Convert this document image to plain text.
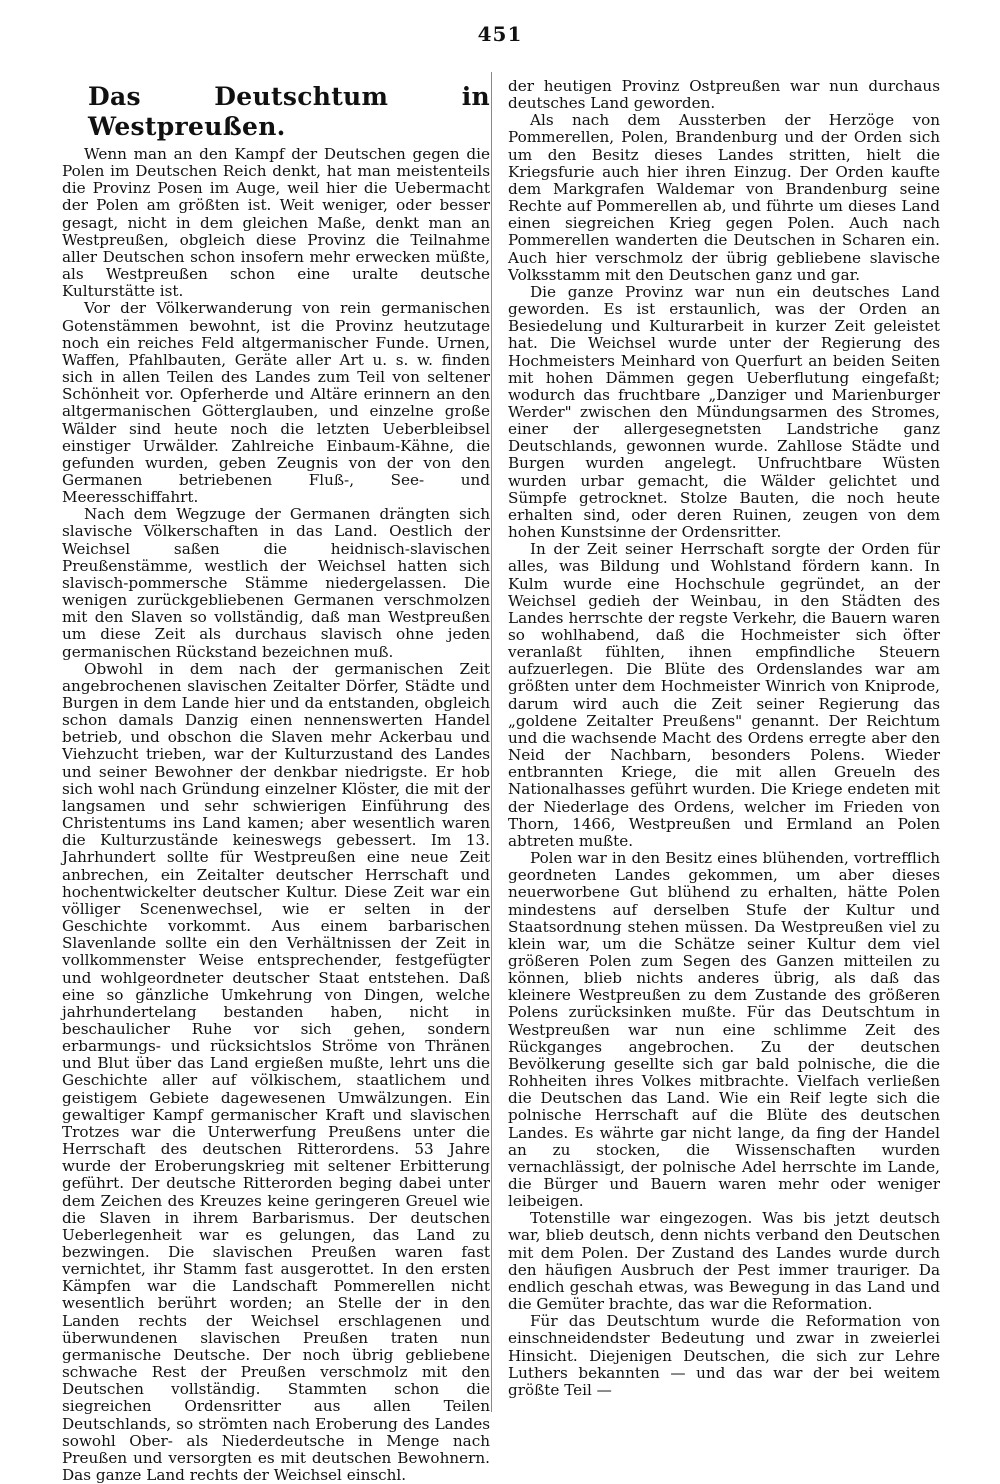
451
Das Deutschtum in Westpreußen.

Wenn man an den Kampf der Deutschen gegen die Polen im Deutschen Reich denkt, hat man meistenteils die Provinz Posen im Auge, weil hier die Uebermacht der Polen am größten ist. Weit weniger, oder besser gesagt, nicht in dem gleichen Maße, denkt man an Westpreußen, obgleich diese Provinz die Teilnahme aller Deutschen schon insofern mehr erwecken müßte, als Westpreußen schon eine uralte deutsche Kulturstätte ist.

Vor der Völkerwanderung von rein germanischen Gotenstämmen bewohnt, ist die Provinz heutzutage noch ein reiches Feld altgermanischer Funde. Urnen, Waffen, Pfahlbauten, Geräte aller Art u. s. w. finden sich in allen Teilen des Landes zum Teil von seltener Schönheit vor. Opferherde und Altäre erinnern an den altgermanischen Götterglauben, und einzelne große Wälder sind heute noch die letzten Ueberbleibsel einstiger Urwälder. Zahlreiche Einbaum-Kähne, die gefunden wurden, geben Zeugnis von der von den Germanen betriebenen Fluß-, See- und Meeresschiffahrt.

Nach dem Wegzuge der Germanen drängten sich slavische Völkerschaften in das Land. Oestlich der Weichsel saßen die heidnisch-slavischen Preußenstämme, westlich der Weichsel hatten sich slavisch-pommersche Stämme niedergelassen. Die wenigen zurückgebliebenen Germanen verschmolzen mit den Slaven so vollständig, daß man Westpreußen um diese Zeit als durchaus slavisch ohne jeden germanischen Rückstand bezeichnen muß.

Obwohl in dem nach der germanischen Zeit angebrochenen slavischen Zeitalter Dörfer, Städte und Burgen in dem Lande hier und da entstanden, obgleich schon damals Danzig einen nennenswerten Handel betrieb, und obschon die Slaven mehr Ackerbau und Viehzucht trieben, war der Kulturzustand des Landes und seiner Bewohner der denkbar niedrigste. Er hob sich wohl nach Gründung einzelner Klöster, die mit der langsamen und sehr schwierigen Einführung des Christentums ins Land kamen; aber wesentlich waren die Kulturzustände keineswegs gebessert. Im 13. Jahrhundert sollte für Westpreußen eine neue Zeit anbrechen, ein Zeitalter deutscher Herrschaft und hochentwickelter deutscher Kultur. Diese Zeit war ein völliger Scenenwechsel, wie er selten in der Geschichte vorkommt. Aus einem barbarischen Slavenlande sollte ein den Verhältnissen der Zeit in vollkommenster Weise entsprechender, festgefügter und wohlgeordneter deutscher Staat entstehen. Daß eine so gänzliche Umkehrung von Dingen, welche jahrhundertelang bestanden haben, nicht in beschaulicher Ruhe vor sich gehen, sondern erbarmungs- und rücksichtslos Ströme von Thränen und Blut über das Land ergießen mußte, lehrt uns die Geschichte aller auf völkischem, staatlichem und geistigem Gebiete dagewesenen Umwälzungen. Ein gewaltiger Kampf germanischer Kraft und slavischen Trotzes war die Unterwerfung Preußens unter die Herrschaft des deutschen Ritterordens. 53 Jahre wurde der Eroberungskrieg mit seltener Erbitterung geführt. Der deutsche Ritterorden beging dabei unter dem Zeichen des Kreuzes keine geringeren Greuel wie die Slaven in ihrem Barbarismus. Der deutschen Ueberlegenheit war es gelungen, das Land zu bezwingen. Die slavischen Preußen waren fast vernichtet, ihr Stamm fast ausgerottet. In den ersten Kämpfen war die Landschaft Pommerellen nicht wesentlich berührt worden; an Stelle der in den Landen rechts der Weichsel erschlagenen und überwundenen slavischen Preußen traten nun germanische Deutsche. Der noch übrig gebliebene schwache Rest der Preußen verschmolz mit den Deutschen vollständig. Stammten schon die siegreichen Ordensritter aus allen Teilen Deutschlands, so strömten nach Eroberung des Landes sowohl Ober- als Niederdeutsche in Menge nach Preußen und versorgten es mit deutschen Bewohnern. Das ganze Land rechts der Weichsel einschl.

der heutigen Provinz Ostpreußen war nun durchaus deutsches Land geworden.

Als nach dem Aussterben der Herzöge von Pommerellen, Polen, Brandenburg und der Orden sich um den Besitz dieses Landes stritten, hielt die Kriegsfurie auch hier ihren Einzug. Der Orden kaufte dem Markgrafen Waldemar von Brandenburg seine Rechte auf Pommerellen ab, und führte um dieses Land einen siegreichen Krieg gegen Polen. Auch nach Pommerellen wanderten die Deutschen in Scharen ein. Auch hier verschmolz der übrig gebliebene slavische Volksstamm mit den Deutschen ganz und gar.

Die ganze Provinz war nun ein deutsches Land geworden. Es ist erstaunlich, was der Orden an Besiedelung und Kulturarbeit in kurzer Zeit geleistet hat. Die Weichsel wurde unter der Regierung des Hochmeisters Meinhard von Querfurt an beiden Seiten mit hohen Dämmen gegen Ueberflutung eingefaßt; wodurch das fruchtbare „Danziger und Marienburger Werder" zwischen den Mündungsarmen des Stromes, einer der allergesegnetsten Landstriche ganz Deutschlands, gewonnen wurde. Zahllose Städte und Burgen wurden angelegt. Unfruchtbare Wüsten wurden urbar gemacht, die Wälder gelichtet und Sümpfe getrocknet. Stolze Bauten, die noch heute erhalten sind, oder deren Ruinen, zeugen von dem hohen Kunstsinne der Ordensritter.

In der Zeit seiner Herrschaft sorgte der Orden für alles, was Bildung und Wohlstand fördern kann. In Kulm wurde eine Hochschule gegründet, an der Weichsel gedieh der Weinbau, in den Städten des Landes herrschte der regste Verkehr, die Bauern waren so wohlhabend, daß die Hochmeister sich öfter veranlaßt fühlten, ihnen empfindliche Steuern aufzuerlegen. Die Blüte des Ordenslandes war am größten unter dem Hochmeister Winrich von Kniprode, darum wird auch die Zeit seiner Regierung das „goldene Zeitalter Preußens" genannt. Der Reichtum und die wachsende Macht des Ordens erregte aber den Neid der Nachbarn, besonders Polens. Wieder entbrannten Kriege, die mit allen Greueln des Nationalhasses geführt wurden. Die Kriege endeten mit der Niederlage des Ordens, welcher im Frieden von Thorn, 1466, Westpreußen und Ermland an Polen abtreten mußte.

Polen war in den Besitz eines blühenden, vortrefflich geordneten Landes gekommen, um aber dieses neuerworbene Gut blühend zu erhalten, hätte Polen mindestens auf derselben Stufe der Kultur und Staatsordnung stehen müssen. Da Westpreußen viel zu klein war, um die Schätze seiner Kultur dem viel größeren Polen zum Segen des Ganzen mitteilen zu können, blieb nichts anderes übrig, als daß das kleinere Westpreußen zu dem Zustande des größeren Polens zurücksinken mußte. Für das Deutschtum in Westpreußen war nun eine schlimme Zeit des Rückganges angebrochen. Zu der deutschen Bevölkerung gesellte sich gar bald polnische, die die Rohheiten ihres Volkes mitbrachte. Vielfach verließen die Deutschen das Land. Wie ein Reif legte sich die polnische Herrschaft auf die Blüte des deutschen Landes. Es währte gar nicht lange, da fing der Handel an zu stocken, die Wissenschaften wurden vernachlässigt, der polnische Adel herrschte im Lande, die Bürger und Bauern waren mehr oder weniger leibeigen.

Totenstille war eingezogen. Was bis jetzt deutsch war, blieb deutsch, denn nichts verband den Deutschen mit dem Polen. Der Zustand des Landes wurde durch den häufigen Ausbruch der Pest immer trauriger. Da endlich geschah etwas, was Bewegung in das Land und die Gemüter brachte, das war die Reformation.

Für das Deutschtum wurde die Reformation von einschneidendster Bedeutung und zwar in zweierlei Hinsicht. Diejenigen Deutschen, die sich zur Lehre Luthers bekannten — und das war der bei weitem größte Teil —
